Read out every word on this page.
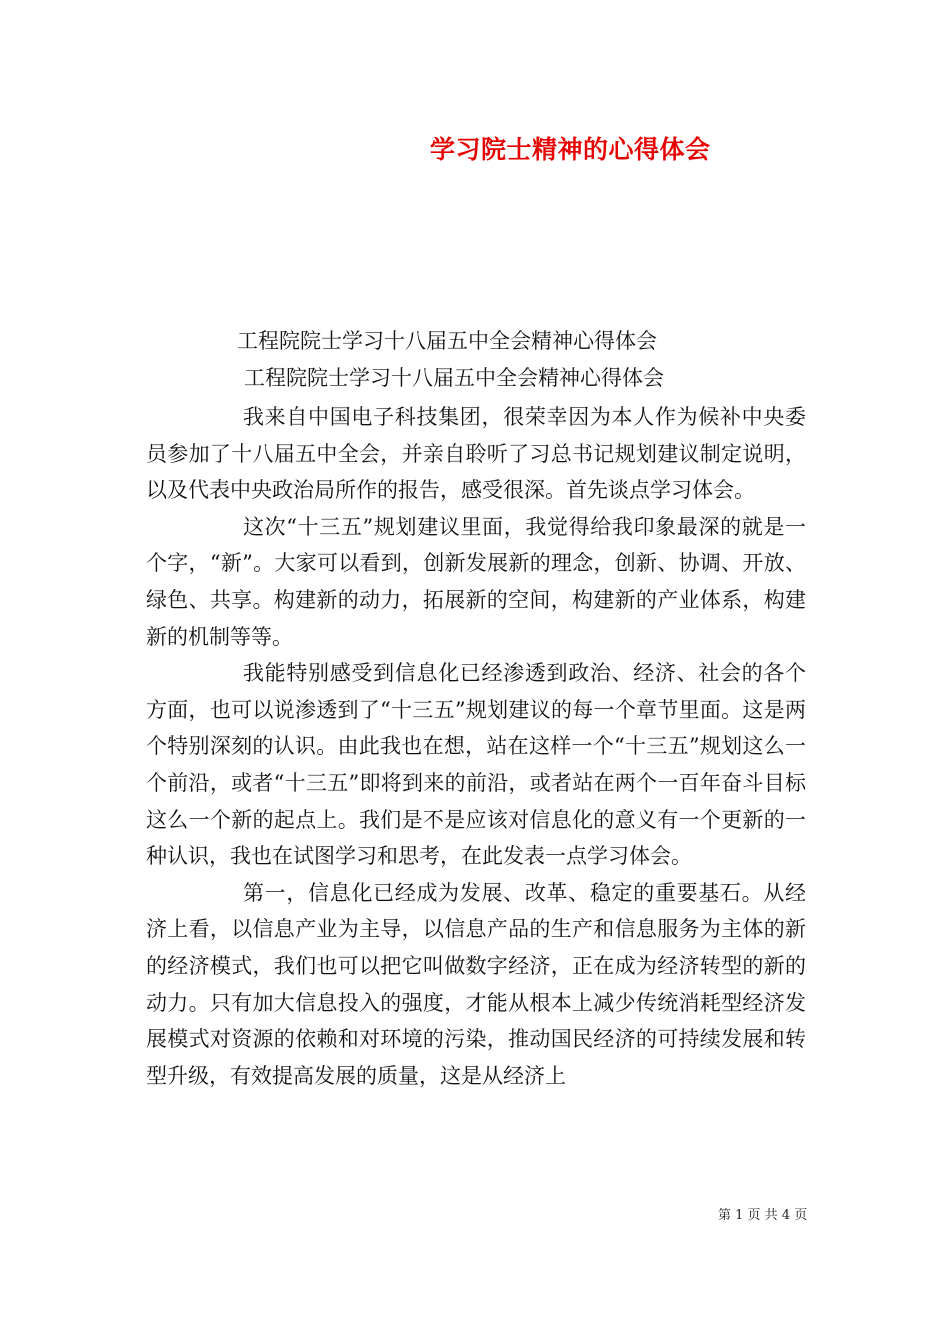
学习院士精神的心得体会
工程院院士学习十八届五中全会精神心得体会
工程院院士学习十八届五中全会精神心得体会

我来自中国电子科技集团，很荣幸因为本人作为候补中央委员参加了十八届五中全会，并亲自聆听了习总书记规划建议制定说明，以及代表中央政治局所作的报告，感受很深。首先谈点学习体会。

这次“十三五”规划建议里面，我觉得给我印象最深的就是一个字，“新”。大家可以看到，创新发展新的理念，创新、协调、开放、绿色、共享。构建新的动力，拓展新的空间，构建新的产业体系，构建新的机制等等。

我能特别感受到信息化已经渗透到政治、经济、社会的各个方面，也可以说渗透到了“十三五”规划建议的每一个章节里面。这是两个特别深刻的认识。由此我也在想，站在这样一个“十三五”规划这么一个前沿，或者“十三五”即将到来的前沿，或者站在两个一百年奋斗目标这么一个新的起点上。我们是不是应该对信息化的意义有一个更新的一种认识，我也在试图学习和思考，在此发表一点学习体会。

第一，信息化已经成为发展、改革、稳定的重要基石。从经济上看，以信息产业为主导，以信息产品的生产和信息服务为主体的新的经济模式，我们也可以把它叫做数字经济，正在成为经济转型的新的动力。只有加大信息投入的强度，才能从根本上减少传统消耗型经济发展模式对资源的依赖和对环境的污染，推动国民经济的可持续发展和转型升级，有效提高发展的质量，这是从经济上

第 1 页 共 4 页
